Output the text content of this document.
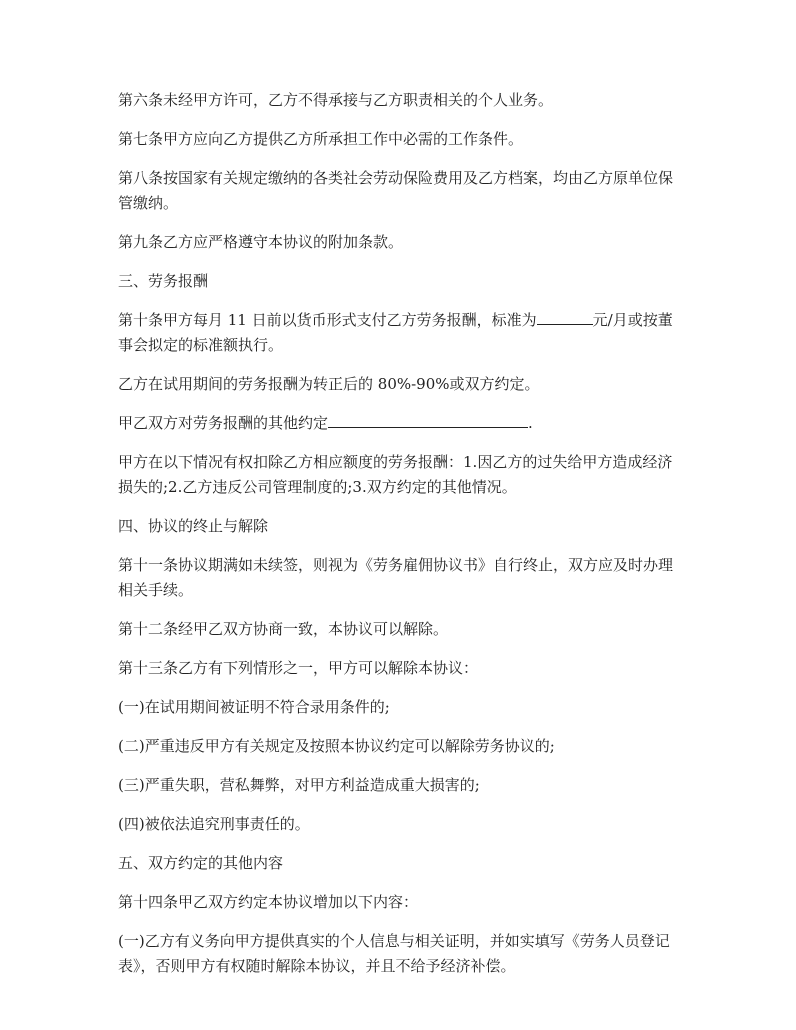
第六条未经甲方许可，乙方不得承接与乙方职责相关的个人业务。

第七条甲方应向乙方提供乙方所承担工作中必需的工作条件。

第八条按国家有关规定缴纳的各类社会劳动保险费用及乙方档案，均由乙方原单位保管缴纳。

第九条乙方应严格遵守本协议的附加条款。

三、劳务报酬

第十条甲方每月 11 日前以货币形式支付乙方劳务报酬，标准为	元/月或按董事会拟定的标准额执行。

乙方在试用期间的劳务报酬为转正后的 80%-90%或双方约定。

甲乙双方对劳务报酬的其他约定	.

甲方在以下情况有权扣除乙方相应额度的劳务报酬：1.因乙方的过失给甲方造成经济损失的;2.乙方违反公司管理制度的;3.双方约定的其他情况。

四、协议的终止与解除

第十一条协议期满如未续签，则视为《劳务雇佣协议书》自行终止，双方应及时办理相关手续。

第十二条经甲乙双方协商一致，本协议可以解除。

第十三条乙方有下列情形之一，甲方可以解除本协议：

(一)在试用期间被证明不符合录用条件的;

(二)严重违反甲方有关规定及按照本协议约定可以解除劳务协议的;

(三)严重失职，营私舞弊，对甲方利益造成重大损害的;

(四)被依法追究刑事责任的。

五、双方约定的其他内容

第十四条甲乙双方约定本协议增加以下内容：

(一)乙方有义务向甲方提供真实的个人信息与相关证明，并如实填写《劳务人员登记表》，否则甲方有权随时解除本协议，并且不给予经济补偿。
